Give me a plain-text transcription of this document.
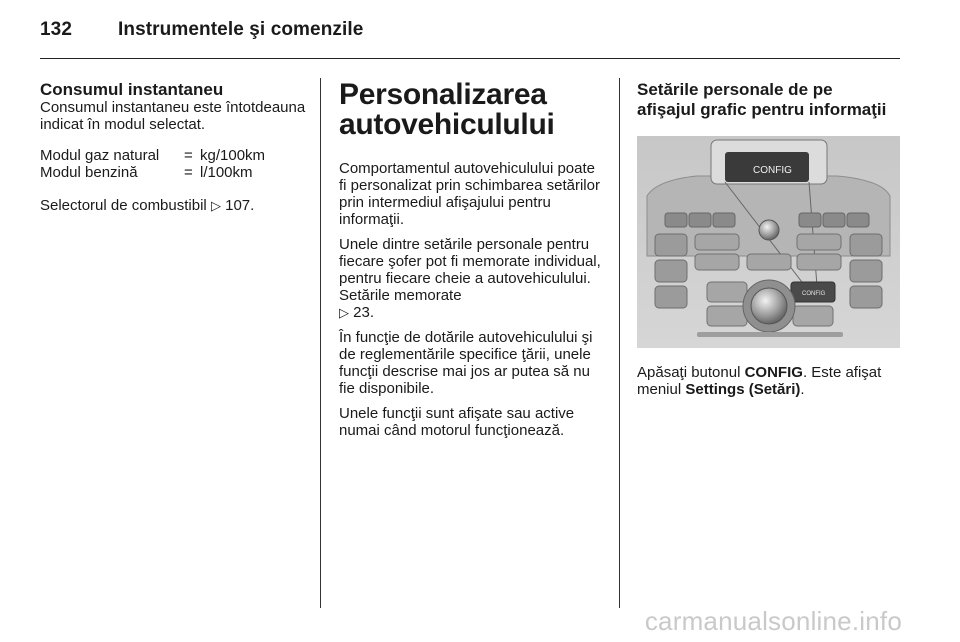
132 Instrumentele şi comenzile
Consumul instantaneu

Consumul instantaneu este întotdeauna indicat în modul selectat.

Modul gaz natural	=	kg/100km
Modul benzină	=	l/100km

Selectorul de combustibil ▷ 107.

Personalizarea
autovehiculului

Comportamentul autovehiculului poate fi personalizat prin schimbarea setărilor prin intermediul afişajului pentru informaţii.

Unele dintre setările personale pentru fiecare şofer pot fi memorate individual, pentru fiecare cheie a autovehiculului. Setările memorate
▷ 23.

În funcţie de dotările autovehiculului şi de reglementările specifice ţării, unele funcţii descrise mai jos ar putea să nu fie disponibile.

Unele funcţii sunt afişate sau active numai când motorul funcţionează.

Setările personale de pe
afişajul grafic pentru informaţii
CONFIG
CONFIG

Apăsaţi butonul CONFIG. Este afişat meniul Settings (Setări).

carmanualsonline.info
